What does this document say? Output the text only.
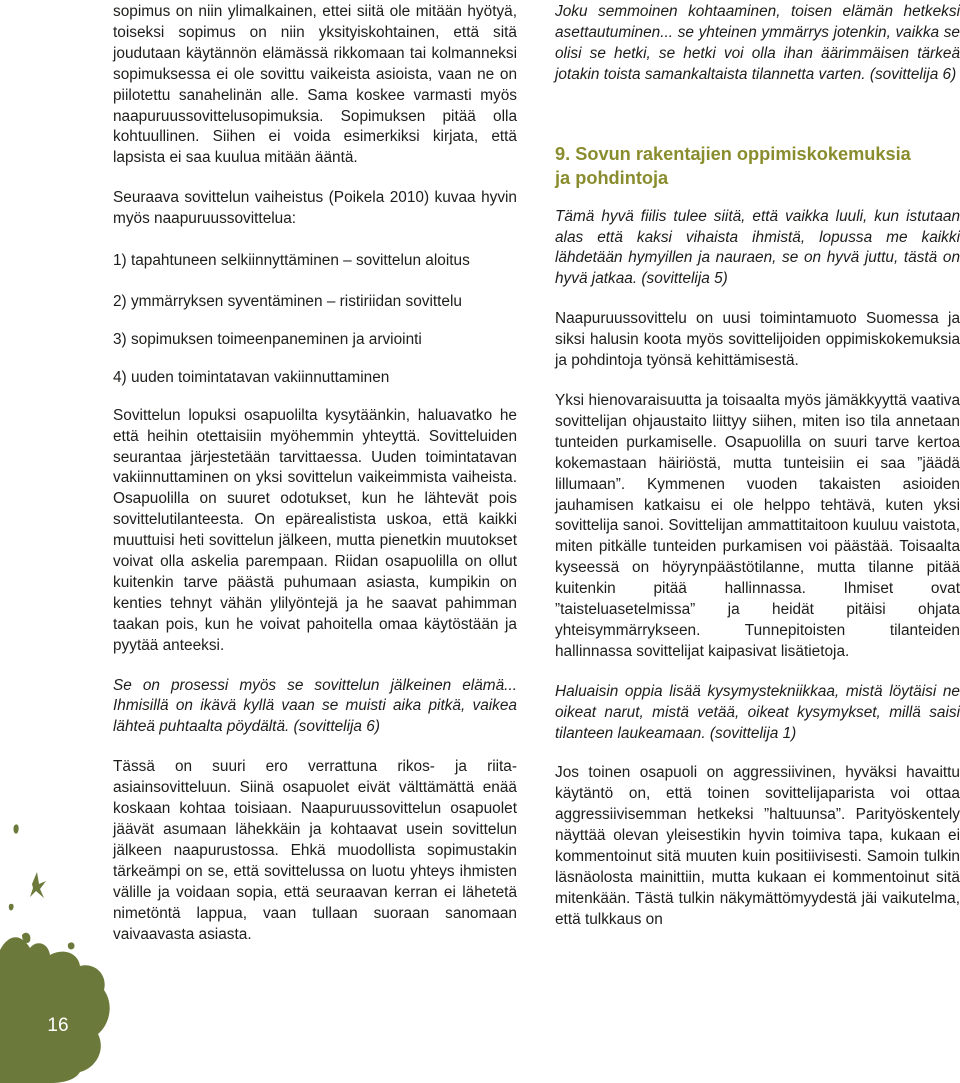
16

sopimus on niin ylimalkainen, ettei siitä ole mitään hyötyä, toiseksi sopimus on niin yksityiskohtainen, että sitä joudutaan käytännön elämässä rikkomaan tai kolmanneksi sopimuksessa ei ole sovittu vaikeista asioista, vaan ne on piilotettu sanahelinän alle. Sama koskee varmasti myös naapuruussovittelusopimuksia. Sopimuksen pitää olla kohtuullinen. Siihen ei voida esimerkiksi kirjata, että lapsista ei saa kuulua mitään ääntä.

Seuraava sovittelun vaiheistus (Poikela 2010) kuvaa hyvin myös naapuruussovittelua:

1) tapahtuneen selkiinnyttäminen – sovittelun aloitus

2) ymmärryksen syventäminen – ristiriidan sovittelu

3) sopimuksen toimeenpaneminen ja arviointi

4) uuden toimintatavan vakiinnuttaminen

Sovittelun lopuksi osapuolilta kysytäänkin, haluavatko he että heihin otettaisiin myöhemmin yhteyttä. Sovitteluiden seurantaa järjestetään tarvittaessa. Uuden toimintatavan vakiinnuttaminen on yksi sovittelun vaikeimmista vaiheista. Osapuolilla on suuret odotukset, kun he lähtevät pois sovittelutilanteesta. On epärealistista uskoa, että kaikki muuttuisi heti sovittelun jälkeen, mutta pienetkin muutokset voivat olla askelia parempaan. Riidan osapuolilla on ollut kuitenkin tarve päästä puhumaan asiasta, kumpikin on kenties tehnyt vähän ylilyöntejä ja he saavat pahimman taakan pois, kun he voivat pahoitella omaa käytöstään ja pyytää anteeksi.

Se on prosessi myös se sovittelun jälkeinen elämä... Ihmisillä on ikävä kyllä vaan se muisti aika pitkä, vaikea lähteä puhtaalta pöydältä. (sovittelija 6)

Tässä on suuri ero verrattuna rikos- ja riita-asiainsovitteluun. Siinä osapuolet eivät välttämättä enää koskaan kohtaa toisiaan. Naapuruussovittelun osapuolet jäävät asumaan lähekkäin ja kohtaavat usein sovittelun jälkeen naapurustossa. Ehkä muodollista sopimustakin tärkeämpi on se, että sovittelussa on luotu yhteys ihmisten välille ja voidaan sopia, että seuraavan kerran ei lähetetä nimetöntä lappua, vaan tullaan suoraan sanomaan vaivaavasta asiasta.

Joku semmoinen kohtaaminen, toisen elämän hetkeksi asettautuminen... se yhteinen ymmärrys jotenkin, vaikka se olisi se hetki, se hetki voi olla ihan äärimmäisen tärkeä jotakin toista samankaltaista tilannetta varten. (sovittelija 6)

9. Sovun rakentajien oppimiskokemuksia
ja pohdintoja

Tämä hyvä fiilis tulee siitä, että vaikka luuli, kun istutaan alas että kaksi vihaista ihmistä, lopussa me kaikki lähdetään hymyillen ja nauraen, se on hyvä juttu, tästä on hyvä jatkaa. (sovittelija 5)

Naapuruussovittelu on uusi toimintamuoto Suomessa ja siksi halusin koota myös sovittelijoiden oppimiskokemuksia ja pohdintoja työnsä kehittämisestä.

Yksi hienovaraisuutta ja toisaalta myös jämäkkyyttä vaativa sovittelijan ohjaustaito liittyy siihen, miten iso tila annetaan tunteiden purkamiselle. Osapuolilla on suuri tarve kertoa kokemastaan häiriöstä, mutta tunteisiin ei saa ”jäädä lillumaan”. Kymmenen vuoden takaisten asioiden jauhamisen katkaisu ei ole helppo tehtävä, kuten yksi sovittelija sanoi. Sovittelijan ammattitaitoon kuuluu vaistota, miten pitkälle tunteiden purkamisen voi päästää. Toisaalta kyseessä on höyrynpäästötilanne, mutta tilanne pitää kuitenkin pitää hallinnassa. Ihmiset ovat ”taisteluasetelmissa” ja heidät pitäisi ohjata yhteisymmärrykseen. Tunnepitoisten tilanteiden hallinnassa sovittelijat kaipasivat lisätietoja.

Haluaisin oppia lisää kysymystekniikkaa, mistä löytäisi ne oikeat narut, mistä vetää, oikeat kysymykset, millä saisi tilanteen laukeamaan. (sovittelija 1)

Jos toinen osapuoli on aggressiivinen, hyväksi havaittu käytäntö on, että toinen sovittelijaparista voi ottaa aggressiivisemman hetkeksi ”haltuunsa”. Parityöskentely näyttää olevan yleisestikin hyvin toimiva tapa, kukaan ei kommentoinut sitä muuten kuin positiivisesti. Samoin tulkin läsnäolosta mainittiin, mutta kukaan ei kommentoinut sitä mitenkään. Tästä tulkin näkymättömyydestä jäi vaikutelma, että tulkkaus on
